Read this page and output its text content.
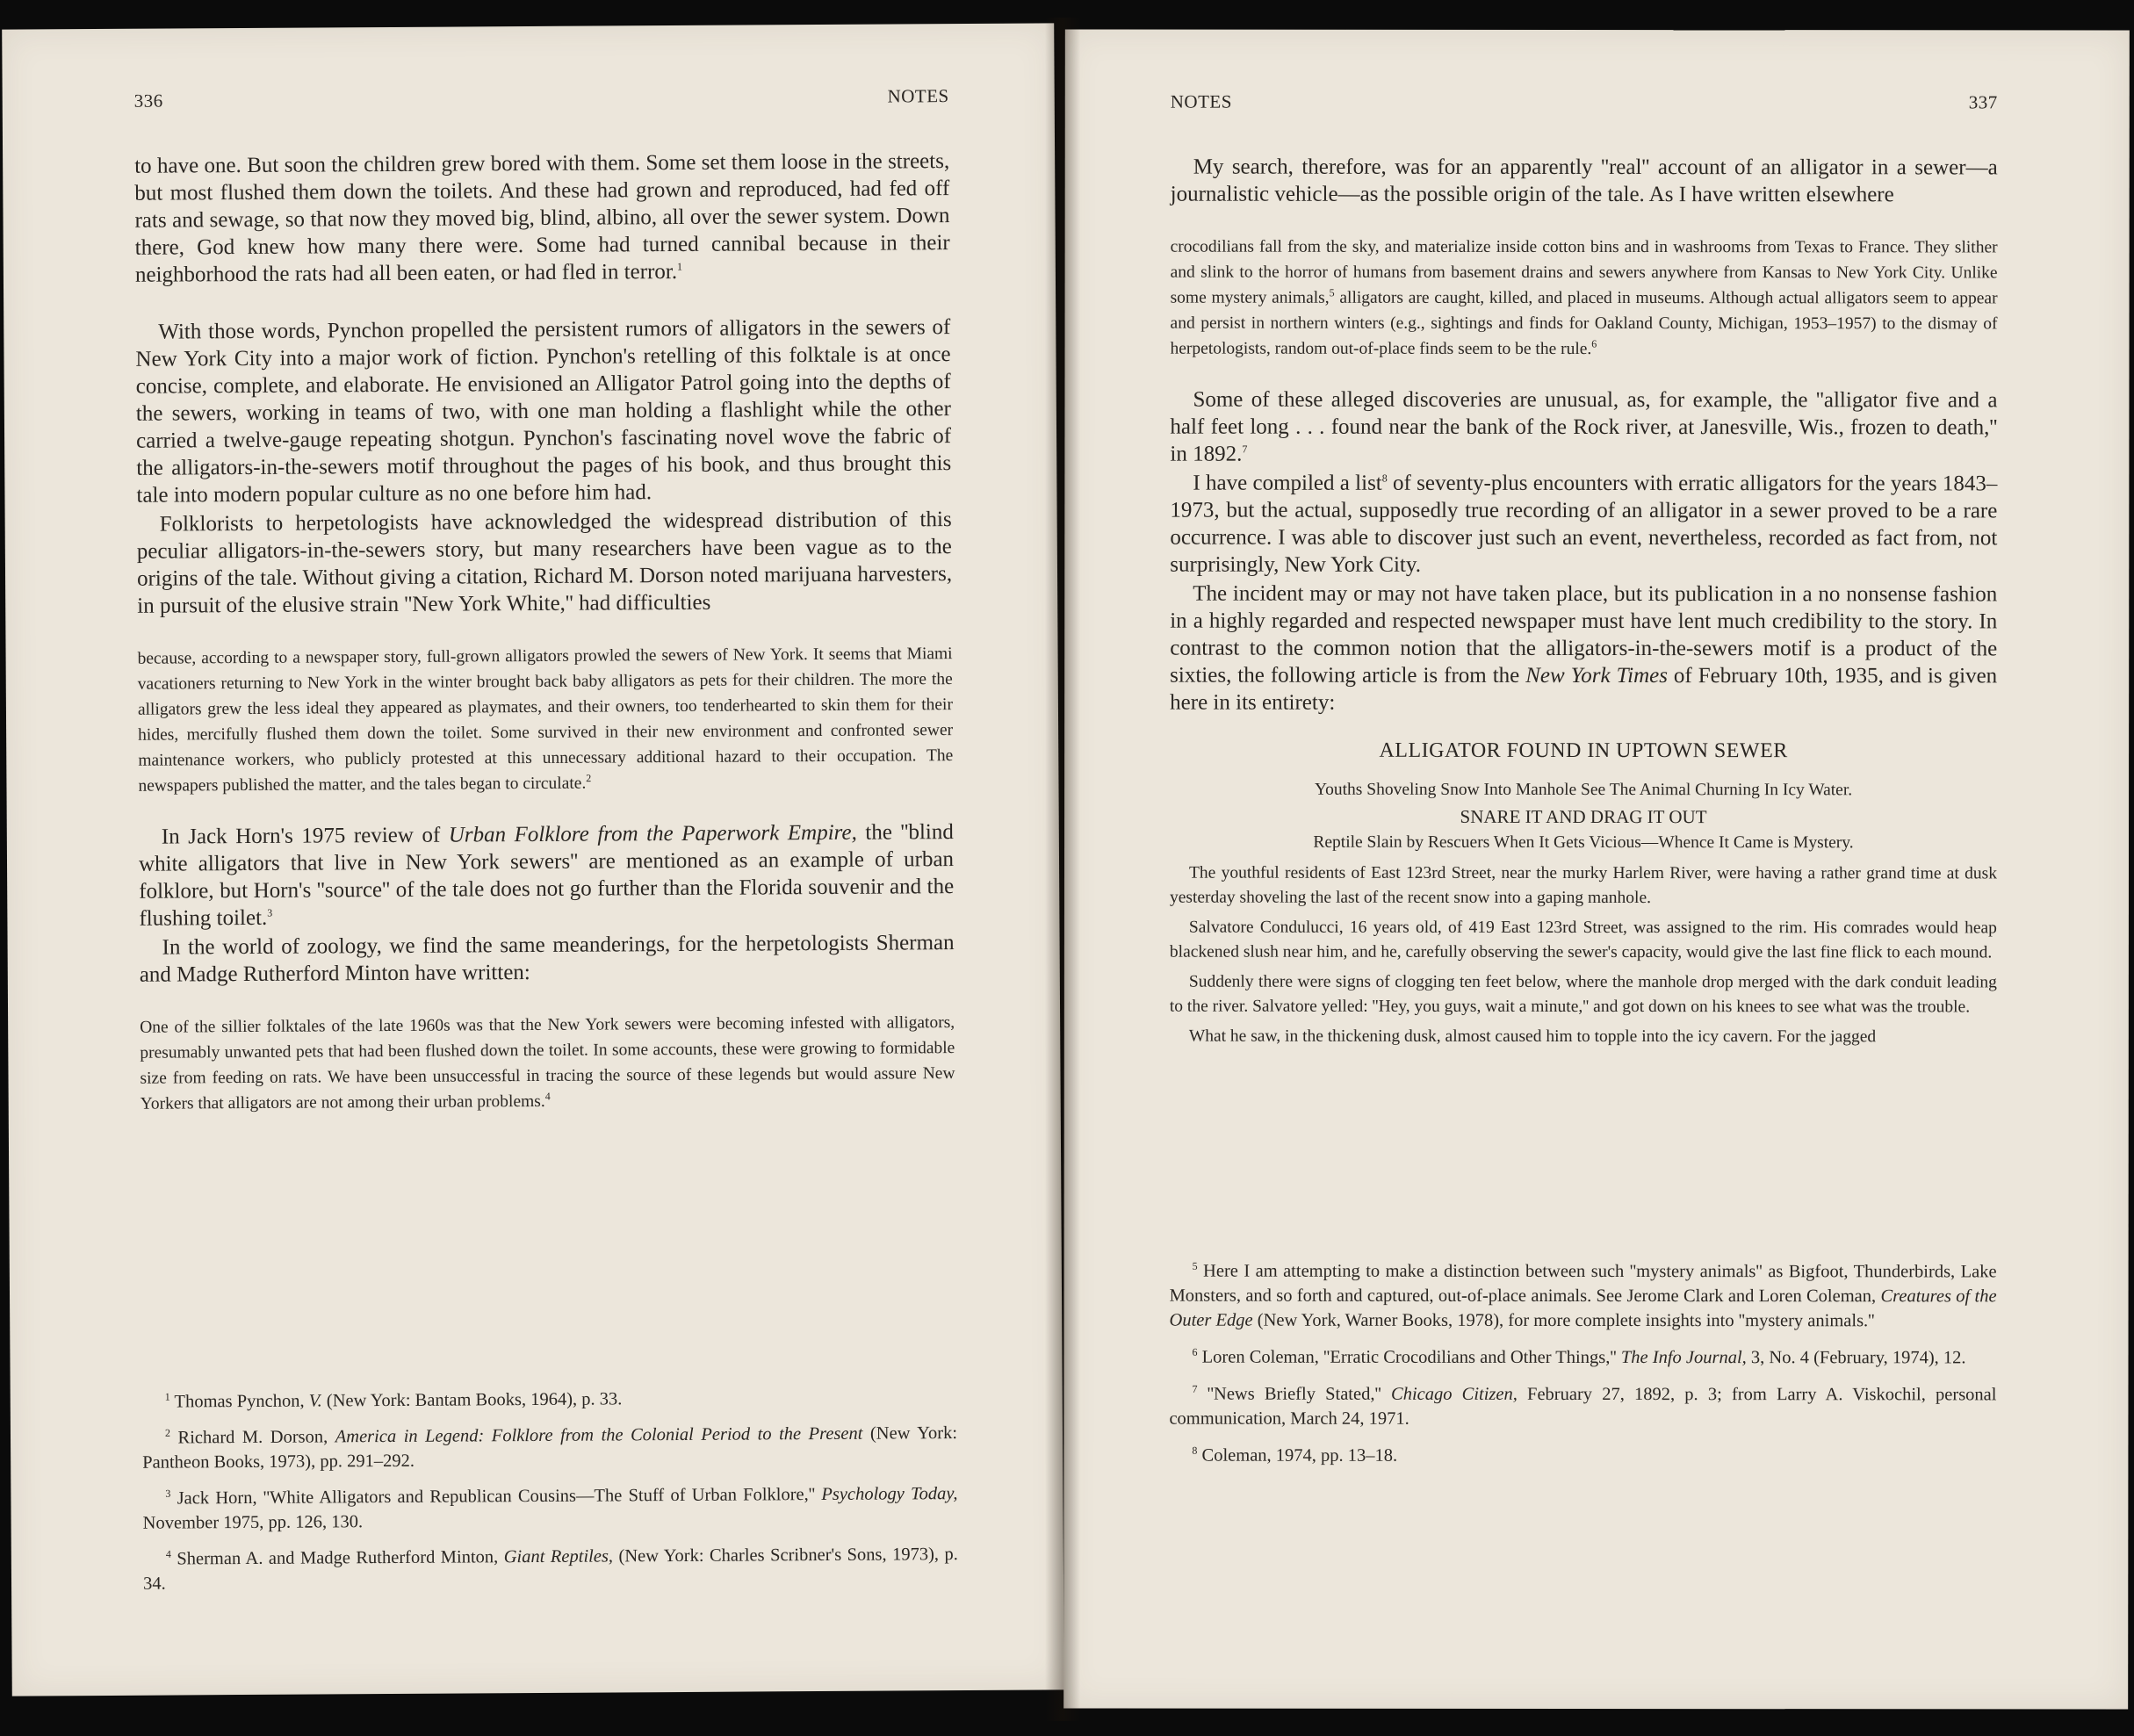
336	NOTES

to have one. But soon the children grew bored with them. Some set them loose in the streets, but most flushed them down the toilets. And these had grown and reproduced, had fed off rats and sewage, so that now they moved big, blind, albino, all over the sewer system. Down there, God knew how many there were. Some had turned cannibal because in their neighborhood the rats had all been eaten, or had fled in terror.$^1$

With those words, Pynchon propelled the persistent rumors of alligators in the sewers of New York City into a major work of fiction. Pynchon's retelling of this folktale is at once concise, complete, and elaborate. He envisioned an Alligator Patrol going into the depths of the sewers, working in teams of two, with one man holding a flashlight while the other carried a twelve-gauge repeating shotgun. Pynchon's fascinating novel wove the fabric of the alligators-in-the-sewers motif throughout the pages of his book, and thus brought this tale into modern popular culture as no one before him had.

Folklorists to herpetologists have acknowledged the widespread distribution of this peculiar alligators-in-the-sewers story, but many researchers have been vague as to the origins of the tale. Without giving a citation, Richard M. Dorson noted marijuana harvesters, in pursuit of the elusive strain ''New York White,'' had difficulties

because, according to a newspaper story, full-grown alligators prowled the sewers of New York. It seems that Miami vacationers returning to New York in the winter brought back baby alligators as pets for their children. The more the alligators grew the less ideal they appeared as playmates, and their owners, too tenderhearted to skin them for their hides, mercifully flushed them down the toilet. Some survived in their new environment and confronted sewer maintenance workers, who publicly protested at this unnecessary additional hazard to their occupation. The newspapers published the matter, and the tales began to circulate.$^2$

In Jack Horn's 1975 review of Urban Folklore from the Paperwork Empire, the ''blind white alligators that live in New York sewers'' are mentioned as an example of urban folklore, but Horn's ''source'' of the tale does not go further than the Florida souvenir and the flushing toilet.$^3$

In the world of zoology, we find the same meanderings, for the herpetologists Sherman and Madge Rutherford Minton have written:

One of the sillier folktales of the late 1960s was that the New York sewers were becoming infested with alligators, presumably unwanted pets that had been flushed down the toilet. In some accounts, these were growing to formidable size from feeding on rats. We have been unsuccessful in tracing the source of these legends but would assure New Yorkers that alligators are not among their urban problems.$^4$

$^1$ Thomas Pynchon, V. (New York: Bantam Books, 1964), p. 33.

$^2$ Richard M. Dorson, America in Legend: Folklore from the Colonial Period to the Present (New York: Pantheon Books, 1973), pp. 291–292.

$^3$ Jack Horn, ''White Alligators and Republican Cousins—The Stuff of Urban Folklore,'' Psychology Today, November 1975, pp. 126, 130.

$^4$ Sherman A. and Madge Rutherford Minton, Giant Reptiles, (New York: Charles Scribner's Sons, 1973), p. 34.

NOTES	337

My search, therefore, was for an apparently ''real'' account of an alligator in a sewer—a journalistic vehicle—as the possible origin of the tale. As I have written elsewhere

crocodilians fall from the sky, and materialize inside cotton bins and in washrooms from Texas to France. They slither and slink to the horror of humans from basement drains and sewers anywhere from Kansas to New York City. Unlike some mystery animals,$^5$ alligators are caught, killed, and placed in museums. Although actual alligators seem to appear and persist in northern winters (e.g., sightings and finds for Oakland County, Michigan, 1953–1957) to the dismay of herpetologists, random out-of-place finds seem to be the rule.$^6$

Some of these alleged discoveries are unusual, as, for example, the ''alligator five and a half feet long . . . found near the bank of the Rock river, at Janesville, Wis., frozen to death,'' in 1892.$^7$

I have compiled a list$^8$ of seventy-plus encounters with erratic alligators for the years 1843–1973, but the actual, supposedly true recording of an alligator in a sewer proved to be a rare occurrence. I was able to discover just such an event, nevertheless, recorded as fact from, not surprisingly, New York City.

The incident may or may not have taken place, but its publication in a no nonsense fashion in a highly regarded and respected newspaper must have lent much credibility to the story. In contrast to the common notion that the alligators-in-the-sewers motif is a product of the sixties, the following article is from the New York Times of February 10th, 1935, and is given here in its entirety:

ALLIGATOR FOUND IN UPTOWN SEWER
Youths Shoveling Snow Into Manhole See The Animal Churning In Icy Water.
SNARE IT AND DRAG IT OUT
Reptile Slain by Rescuers When It Gets Vicious—Whence It Came is Mystery.

The youthful residents of East 123rd Street, near the murky Harlem River, were having a rather grand time at dusk yesterday shoveling the last of the recent snow into a gaping manhole.

Salvatore Condulucci, 16 years old, of 419 East 123rd Street, was assigned to the rim. His comrades would heap blackened slush near him, and he, carefully observing the sewer's capacity, would give the last fine flick to each mound.

Suddenly there were signs of clogging ten feet below, where the manhole drop merged with the dark conduit leading to the river. Salvatore yelled: ''Hey, you guys, wait a minute,'' and got down on his knees to see what was the trouble.

What he saw, in the thickening dusk, almost caused him to topple into the icy cavern. For the jagged

$^5$ Here I am attempting to make a distinction between such ''mystery animals'' as Bigfoot, Thunderbirds, Lake Monsters, and so forth and captured, out-of-place animals. See Jerome Clark and Loren Coleman, Creatures of the Outer Edge (New York, Warner Books, 1978), for more complete insights into ''mystery animals.''

$^6$ Loren Coleman, ''Erratic Crocodilians and Other Things,'' The Info Journal, 3, No. 4 (February, 1974), 12.

$^7$ ''News Briefly Stated,'' Chicago Citizen, February 27, 1892, p. 3; from Larry A. Viskochil, personal communication, March 24, 1971.

$^8$ Coleman, 1974, pp. 13–18.
